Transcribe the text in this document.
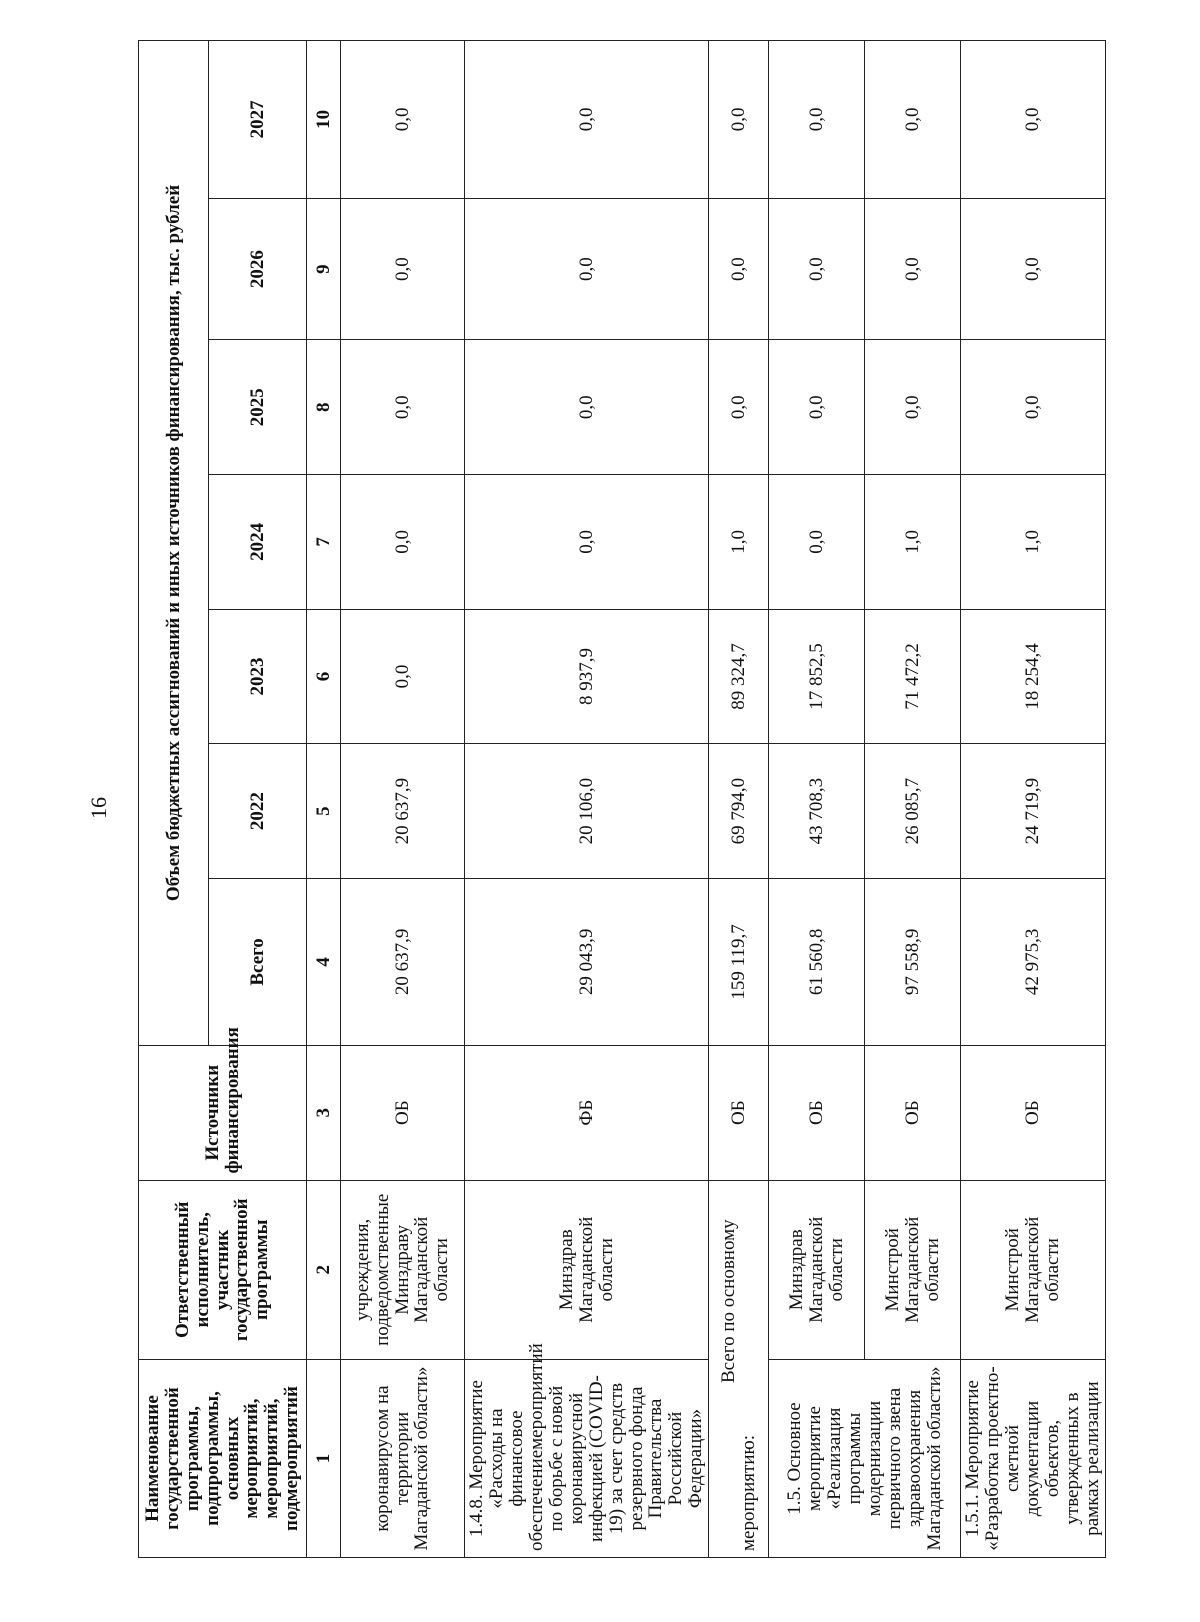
16
Наименование государственной программы, подпрограммы, основных мероприятий, мероприятий, подмероприятий	Ответственный исполнитель, участник государственной программы	Источники финансирования	Объем бюджетных ассигнований и иных источников финансирования, тыс. рублей						
			Всего	2022	2023	2024	2025	2026	2027
1	2	3	4	5	6	7	8	9	10
коронавирусом на территории Магаданской области»	учреждения, подведомственные Минздраву Магаданской области	ОБ	20 637,9	20 637,9	0,0	0,0	0,0	0,0	0,0
1.4.8. Мероприятие «Расходы на финансовое обеспечениемероприятий по борьбе с новой коронавирусной инфекцией (COVID-19) за счет средств резервного фонда Правительства Российской Федерации»	Минздрав Магаданской области	ФБ	29 043,9	20 106,0	8 937,9	0,0	0,0	0,0	0,0
Всего по основному мероприятию:		ОБ	159 119,7	69 794,0	89 324,7	1,0	0,0	0,0	0,0
1.5. Основное мероприятие «Реализация программы модернизации первичного звена здравоохранения Магаданской области»	Минздрав Магаданской области	ОБ	61 560,8	43 708,3	17 852,5	0,0	0,0	0,0	0,0
	Минстрой Магаданской области	ОБ	97 558,9	26 085,7	71 472,2	1,0	0,0	0,0	0,0
1.5.1. Мероприятие «Разработка проектно-сметной документации объектов, утвержденных в рамках реализации	Минстрой Магаданской области	ОБ	42 975,3	24 719,9	18 254,4	1,0	0,0	0,0	0,0
